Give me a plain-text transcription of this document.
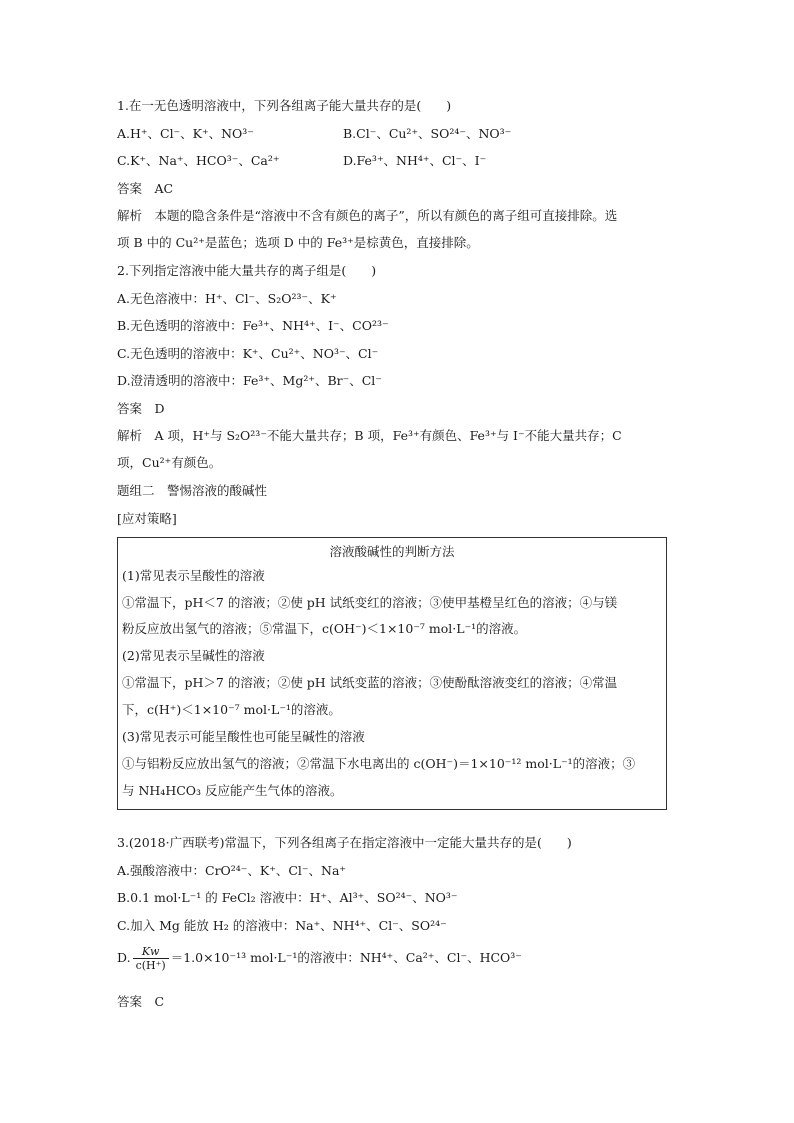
1.在一无色透明溶液中，下列各组离子能大量共存的是(　　)
A.H⁺、Cl⁻、K⁺、NO³⁻	B.Cl⁻、Cu²⁺、SO²⁴⁻、NO³⁻
C.K⁺、Na⁺、HCO³⁻、Ca²⁺	D.Fe³⁺、NH⁴⁺、Cl⁻、I⁻
答案　AC
解析　本题的隐含条件是“溶液中不含有颜色的离子”，所以有颜色的离子组可直接排除。选
项 B 中的 Cu²⁺是蓝色；选项 D 中的 Fe³⁺是棕黄色，直接排除。
2.下列指定溶液中能大量共存的离子组是(　　)
A.无色溶液中：H⁺、Cl⁻、S₂O²³⁻、K⁺
B.无色透明的溶液中：Fe³⁺、NH⁴⁺、I⁻、CO²³⁻
C.无色透明的溶液中：K⁺、Cu²⁺、NO³⁻、Cl⁻
D.澄清透明的溶液中：Fe³⁺、Mg²⁺、Br⁻、Cl⁻
答案　D
解析　A 项，H⁺与 S₂O²³⁻不能大量共存；B 项，Fe³⁺有颜色、Fe³⁺与 I⁻不能大量共存；C
项，Cu²⁺有颜色。
题组二　警惕溶液的酸碱性
[应对策略]
溶液酸碱性的判断方法
(1)常见表示呈酸性的溶液
①常温下，pH＜7 的溶液；②使 pH 试纸变红的溶液；③使甲基橙呈红色的溶液；④与镁
粉反应放出氢气的溶液；⑤常温下，c(OH⁻)＜1×10⁻⁷ mol·L⁻¹的溶液。
(2)常见表示呈碱性的溶液
①常温下，pH＞7 的溶液；②使 pH 试纸变蓝的溶液；③使酚酞溶液变红的溶液；④常温
下，c(H⁺)＜1×10⁻⁷ mol·L⁻¹的溶液。
(3)常见表示可能呈酸性也可能呈碱性的溶液
①与铝粉反应放出氢气的溶液；②常温下水电离出的 c(OH⁻)＝1×10⁻¹² mol·L⁻¹的溶液；③
与 NH₄HCO₃ 反应能产生气体的溶液。
3.(2018·广西联考)常温下，下列各组离子在指定溶液中一定能大量共存的是(　　)
A.强酸溶液中：CrO²⁴⁻、K⁺、Cl⁻、Na⁺
B.0.1 mol·L⁻¹ 的 FeCl₂ 溶液中：H⁺、Al³⁺、SO²⁴⁻、NO³⁻
C.加入 Mg 能放 H₂ 的溶液中：Na⁺、NH⁴⁺、Cl⁻、SO²⁴⁻
D. $\frac{Kw}{c(H^+)} =1.0\times 10^{-13}$ mol·L⁻¹的溶液中：NH⁴⁺、Ca²⁺、Cl⁻、HCO³⁻
答案　C
